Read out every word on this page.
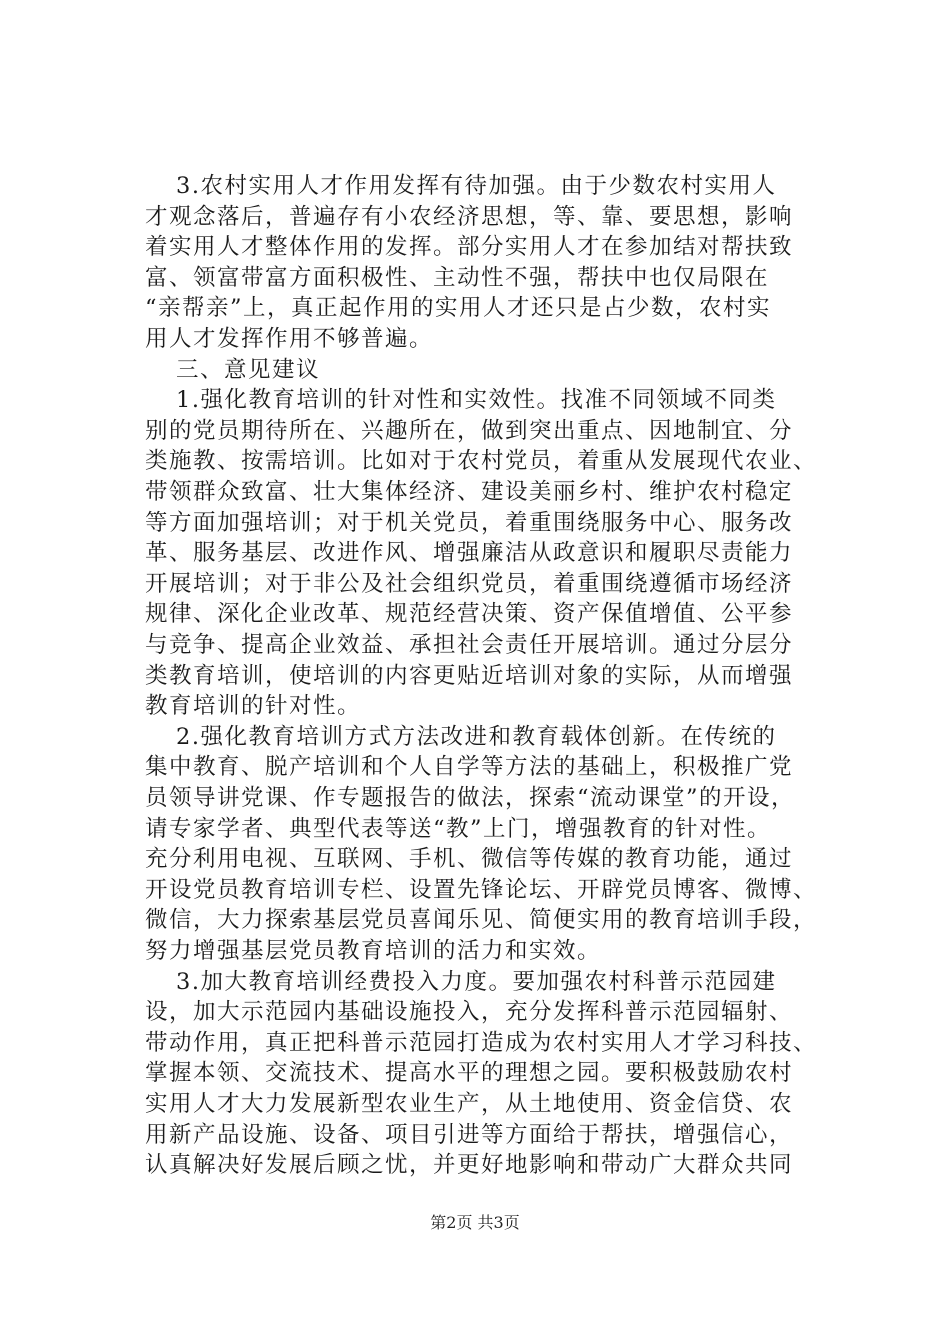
3.农村实用人才作用发挥有待加强。由于少数农村实用人
才观念落后，普遍存有小农经济思想，等、靠、要思想，影响
着实用人才整体作用的发挥。部分实用人才在参加结对帮扶致
富、领富带富方面积极性、主动性不强，帮扶中也仅局限在
“亲帮亲”上，真正起作用的实用人才还只是占少数，农村实
用人才发挥作用不够普遍。
三、意见建议
1.强化教育培训的针对性和实效性。找准不同领域不同类
别的党员期待所在、兴趣所在，做到突出重点、因地制宜、分
类施教、按需培训。比如对于农村党员，着重从发展现代农业、
带领群众致富、壮大集体经济、建设美丽乡村、维护农村稳定
等方面加强培训；对于机关党员，着重围绕服务中心、服务改
革、服务基层、改进作风、增强廉洁从政意识和履职尽责能力
开展培训；对于非公及社会组织党员，着重围绕遵循市场经济
规律、深化企业改革、规范经营决策、资产保值增值、公平参
与竞争、提高企业效益、承担社会责任开展培训。通过分层分
类教育培训，使培训的内容更贴近培训对象的实际，从而增强
教育培训的针对性。
2.强化教育培训方式方法改进和教育载体创新。在传统的
集中教育、脱产培训和个人自学等方法的基础上，积极推广党
员领导讲党课、作专题报告的做法，探索“流动课堂”的开设，
请专家学者、典型代表等送“教”上门，增强教育的针对性。
充分利用电视、互联网、手机、微信等传媒的教育功能，通过
开设党员教育培训专栏、设置先锋论坛、开辟党员博客、微博、
微信，大力探索基层党员喜闻乐见、简便实用的教育培训手段，
努力增强基层党员教育培训的活力和实效。
3.加大教育培训经费投入力度。要加强农村科普示范园建
设，加大示范园内基础设施投入，充分发挥科普示范园辐射、
带动作用，真正把科普示范园打造成为农村实用人才学习科技、
掌握本领、交流技术、提高水平的理想之园。要积极鼓励农村
实用人才大力发展新型农业生产，从土地使用、资金信贷、农
用新产品设施、设备、项目引进等方面给于帮扶，增强信心，
认真解决好发展后顾之忧，并更好地影响和带动广大群众共同
第2页 共3页
